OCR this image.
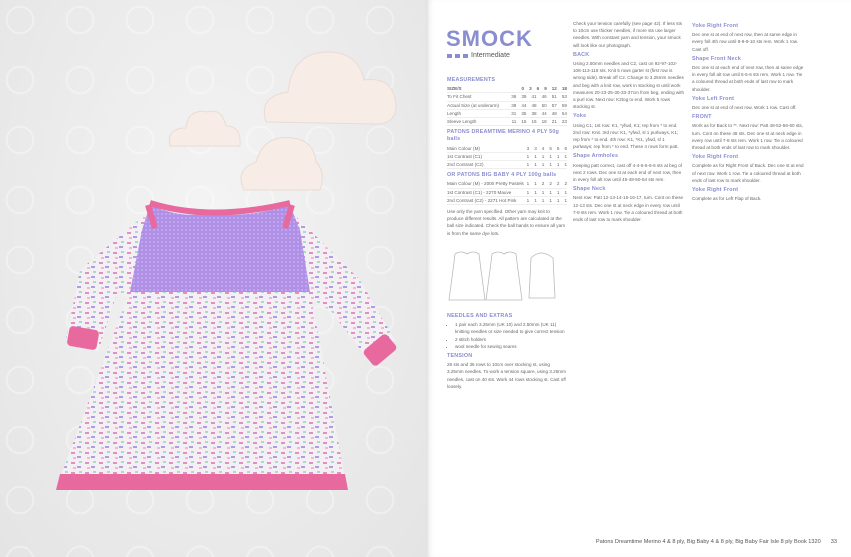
SMOCK
Intermediate
MEASUREMENTS
SIZE/S	0 3 6 9 12 18
To Fit Chest	36 39 41 46 51 53
Actual Size (at underarm)	39 44 48 50 57 59
Length	31 35 38 44 48 54
Sleeve Length	11 15 16 18 21 23
PATONS DREAMTIME MERINO 4 PLY 50g balls
Main Colour (M)	3 3 4 5 5 6
1st Contrast (C1)	1 1 1 1 1 1
2nd Contrast (C2)	1 1 1 1 1 1
OR PATONS BIG BABY 4 PLY 100g balls
Main Colour (M) - 2000 Pretty Pastels 1 1 2 2 2 2
1st Contrast (C1) - 2270 Mauve	1 1 1 1 1 1
2nd Contrast (C2) - 2271 Hot Pink 1 1 1 1 1 1

Use only the yarn specified. Other yarn may knit to produce different results. All pattern are calculated at the ball size indicated. Check the ball bands to ensure all yarn is from the same dye lots.

NEEDLES AND EXTRAS
• 1 pair each 3.25mm (UK 10) and 2.50mm (UK 11) knitting needles or size needed to give correct tension
• 2 stitch holders
• wool needle for sewing seams
TENSION

28 sts and 36 rows to 10cm over stocking st, using 3.25mm needles. To work a tension square, using 3.25mm needles, cast on 40 sts. Work 44 rows stocking st. Cast off loosely.

Check your tension carefully (see page 42). If less sts to 10cm use thicker needles, if more sts use larger needles. With constant yarn and tension, your smock will look like our photograph.

BACK

Using 2.50mm needles and C2, cast on 92-97-102-108-113-118 sts. Knit 5 rows garter st (first row is wrong side). Break off C2. Change to 3.25mm needles and beg with a knit row, work in stocking st until work measures 20-23-25-30-33-37cm from beg, ending with a purl row. Next row: K2tog to end. Work 5 rows stocking st.

Yoke

Using C1, 1st row: K1, *yfwd, K1; rep from * to end. 2nd row: Knit. 3rd row: K1, *yfwd, sl 1 purlways, K1; rep from * to end. 4th row: K1, *K1, yfwd, sl 1 purlways; rep from * to end. These 4 rows form patt.

Shape Armholes

Keeping patt correct, cast off 4-4-5-5-6-6 sts at beg of next 2 rows. Dec one st at each end of next row, then in every foll alt row until 45-48-50-54 sts rem.

Shape Neck

Next row: Patt 12-13-14-15-16-17, turn. Cont on these 12-13 sts. Dec one st at neck edge in every row until 7-8 sts rem. Work 1 row. Tie a coloured thread at both ends of last row to mark shoulder.

Yoke Right Front

Dec one st at end of next row, then at same edge in every foll 4th row until 8-9-9-10 sts rem. Work 1 row. Cast off.

Shape Front Neck

Dec one st at each end of next row, then at same edge in every foll alt row until 5-5-6 sts rem. Work 1 row. Tie a coloured thread at both ends of last row to mark shoulder.

Yoke Left Front

Dec one st at end of next row. Work 1 row. Cast off.

FRONT

Work as for Back to **. Next row: Patt 48-52-56-60 sts, turn. Cont on these 48 sts. Dec one st at neck edge in every row until 7-8 sts rem. Work 1 row. Tie a coloured thread at both ends of last row to mark shoulder.

Yoke Right Front

Complete as for Right Front of Back. Dec one st at end of next row. Work 1 row. Tie a coloured thread at both ends of last row to mark shoulder.

Yoke Right Front

Complete as for Left Flap of Back.

Patons Dreamtime Merino 4 & 8 ply, Big Baby 4 & 8 ply, Big Baby Fair Isle 8 ply Book 1320 33
